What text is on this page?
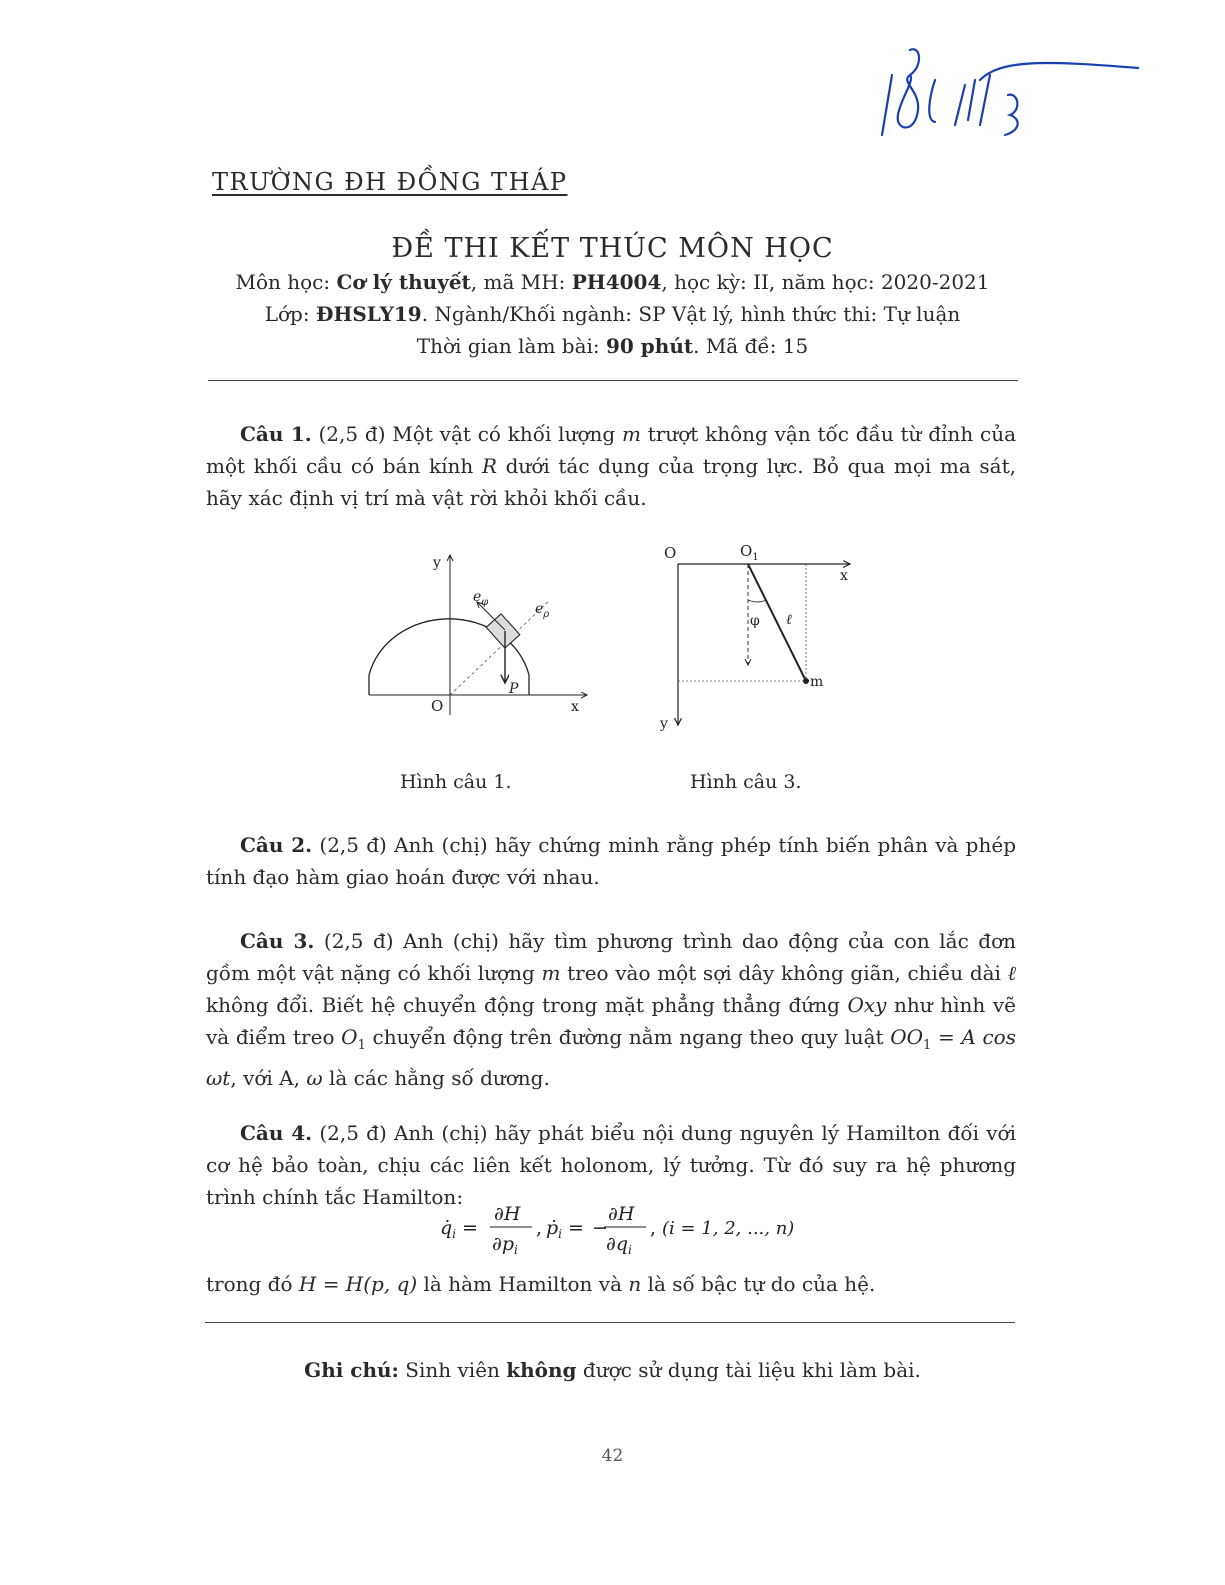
TRƯỜNG ĐH ĐỒNG THÁP
ĐỀ THI KẾT THÚC MÔN HỌC
Môn học: Cơ lý thuyết, mã MH: PH4004, học kỳ: II, năm học: 2020-2021
Lớp: ĐHSLY19. Ngành/Khối ngành: SP Vật lý, hình thức thi: Tự luận
Thời gian làm bài: 90 phút. Mã đề: 15

Câu 1. (2,5 đ) Một vật có khối lượng m trượt không vận tốc đầu từ đỉnh của một khối cầu có bán kính R dưới tác dụng của trọng lực. Bỏ qua mọi ma sát, hãy xác định vị trí mà vật rời khỏi khối cầu.

y
x
O
$e_\varphi$	$e_\rho$
P
Hình câu 1.
O	$O_1$
x
y
φ ℓ
m
Hình câu 3.

Câu 2. (2,5 đ) Anh (chị) hãy chứng minh rằng phép tính biến phân và phép tính đạo hàm giao hoán được với nhau.

Câu 3. (2,5 đ) Anh (chị) hãy tìm phương trình dao động của con lắc đơn gồm một vật nặng có khối lượng m treo vào một sợi dây không giãn, chiều dài ℓ không đổi. Biết hệ chuyển động trong mặt phẳng thẳng đứng Oxy như hình vẽ và điểm treo $O_1$ chuyển động trên đường nằm ngang theo quy luật $OO_1 = A$ cos ωt, với A, ω là các hằng số dương.

Câu 4. (2,5 đ) Anh (chị) hãy phát biểu nội dung nguyên lý Hamilton đối với cơ hệ bảo toàn, chịu các liên kết holonom, lý tưởng. Từ đó suy ra hệ phương trình chính tắc Hamilton:

$q̇_i$ =
∂H
$\partial p_i$
, ṗ$_i$ = −
∂H
$\partial q_i$
, (i = 1, 2, ..., n)

trong đó H = H(p, q) là hàm Hamilton và n là số bậc tự do của hệ.

Ghi chú: Sinh viên không được sử dụng tài liệu khi làm bài.
42
